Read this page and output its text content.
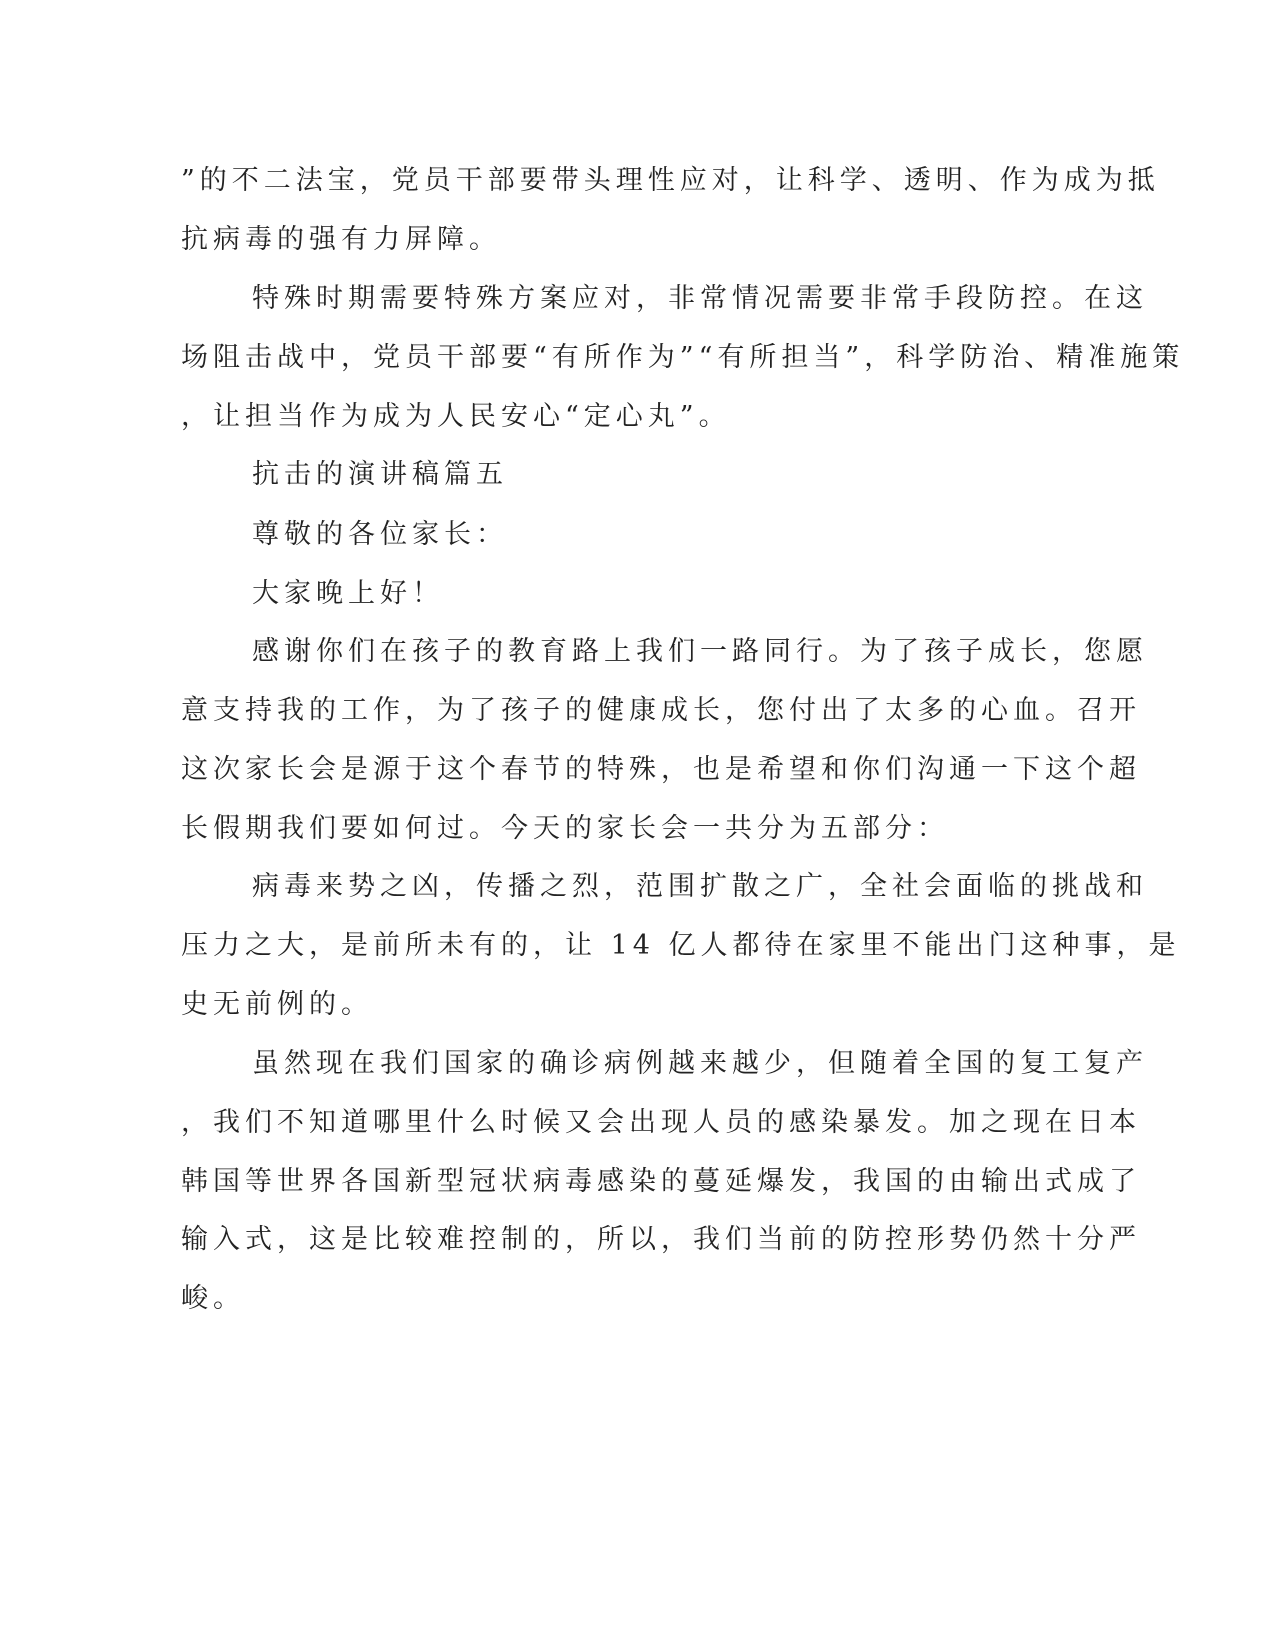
”的不二法宝，党员干部要带头理性应对，让科学、透明、作为成为抵
抗病毒的强有力屏障。
特殊时期需要特殊方案应对，非常情况需要非常手段防控。在这
场阻击战中，党员干部要“有所作为”“有所担当”，科学防治、精准施策
，让担当作为成为人民安心“定心丸”。
抗击的演讲稿篇五
尊敬的各位家长：
大家晚上好！
感谢你们在孩子的教育路上我们一路同行。为了孩子成长，您愿
意支持我的工作，为了孩子的健康成长，您付出了太多的心血。召开
这次家长会是源于这个春节的特殊，也是希望和你们沟通一下这个超
长假期我们要如何过。今天的家长会一共分为五部分：
病毒来势之凶，传播之烈，范围扩散之广，全社会面临的挑战和
压力之大，是前所未有的，让 14 亿人都待在家里不能出门这种事，是
史无前例的。
虽然现在我们国家的确诊病例越来越少，但随着全国的复工复产
，我们不知道哪里什么时候又会出现人员的感染暴发。加之现在日本
韩国等世界各国新型冠状病毒感染的蔓延爆发，我国的由输出式成了
输入式，这是比较难控制的，所以，我们当前的防控形势仍然十分严
峻。
